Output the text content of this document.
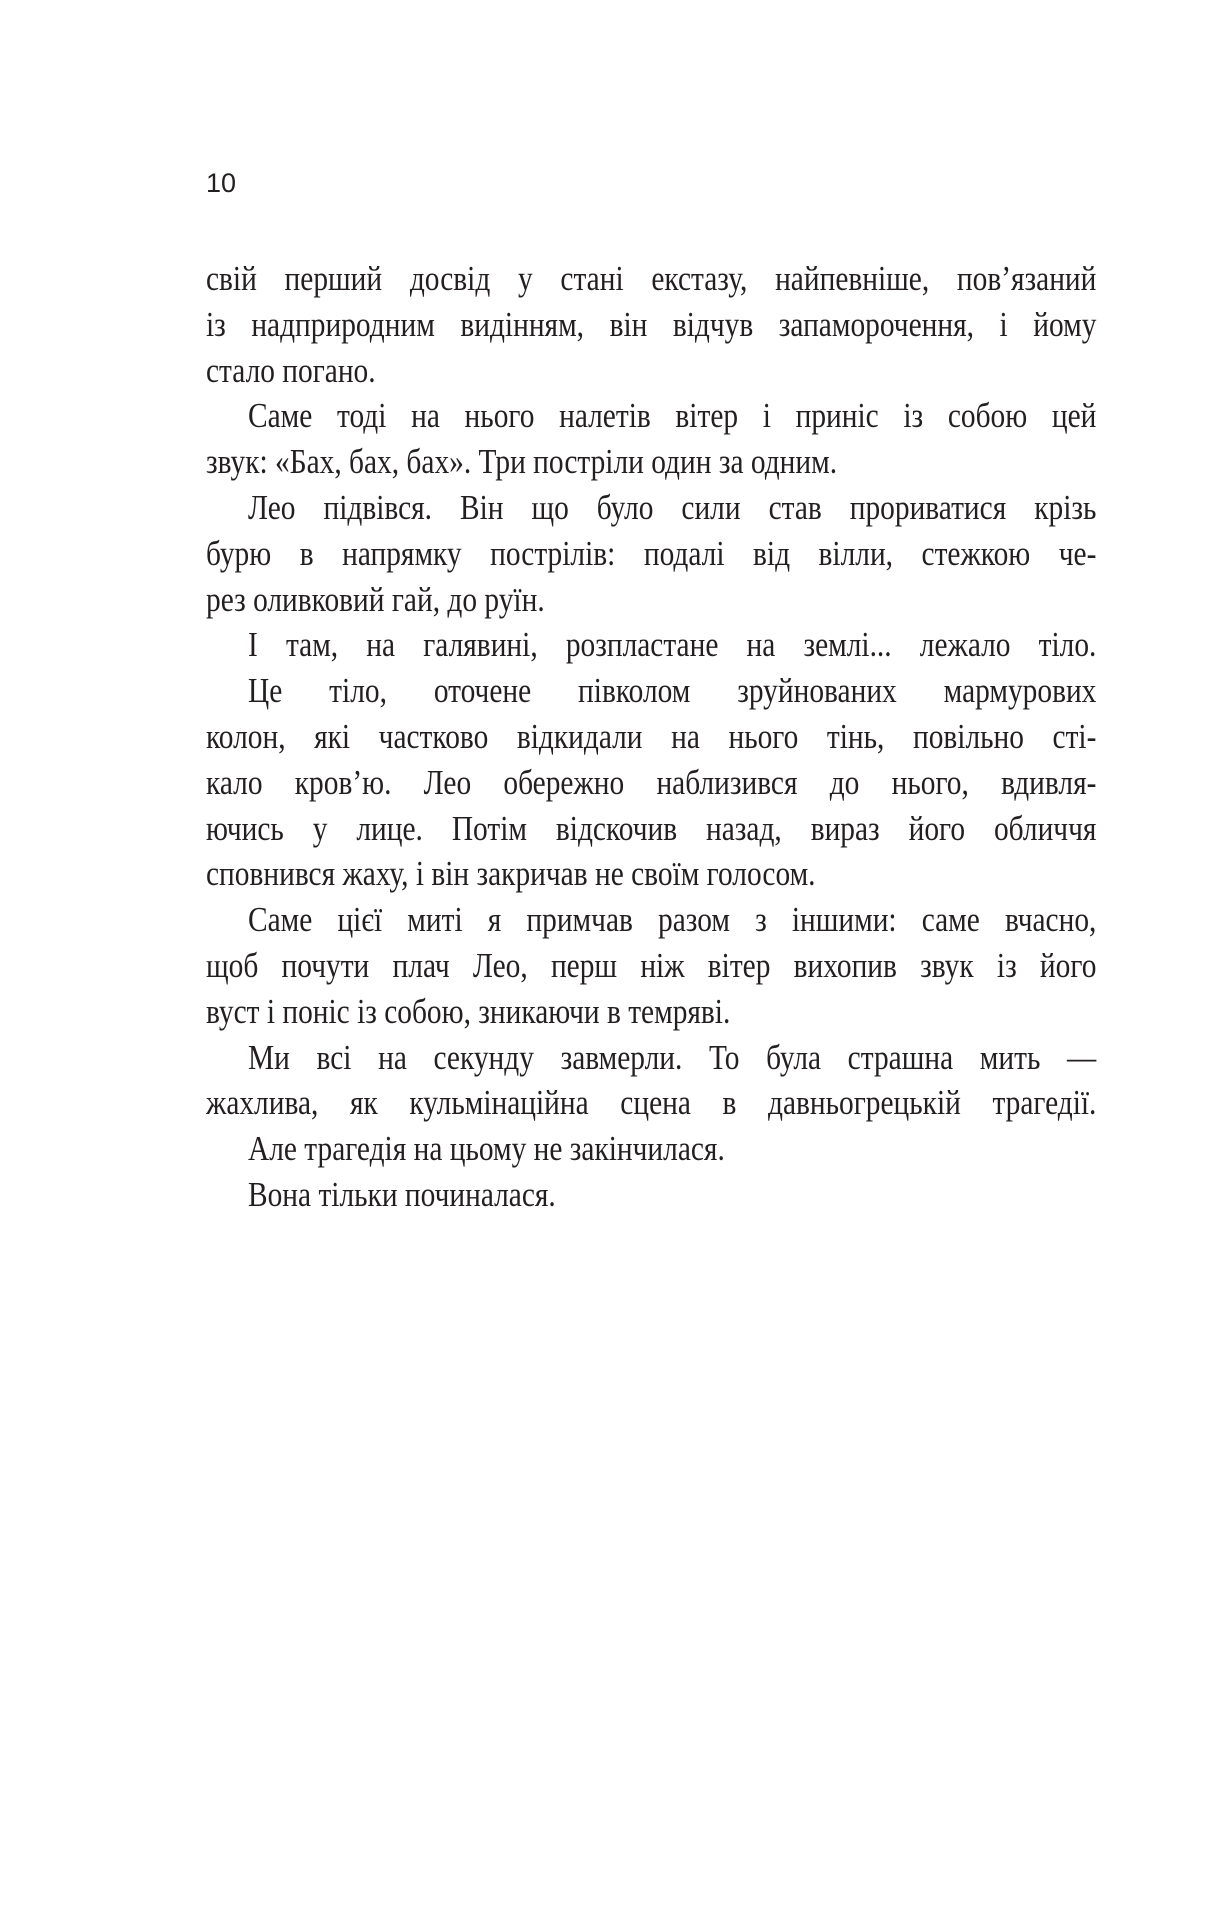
10
свій перший досвід у стані екстазу, найпевніше, пов’язаний
із надприродним видінням, він відчув запаморочення, і йому
стало погано.
Саме тоді на нього налетів вітер і приніс із собою цей
звук: «Бах, бах, бах». Три постріли один за одним.
Лео підвівся. Він що було сили став прориватися крізь
бурю в напрямку пострілів: подалі від вілли, стежкою че-
рез оливковий гай, до руїн.
І там, на галявині, розпластане на землі... лежало тіло.
Це тіло, оточене півколом зруйнованих мармурових
колон, які частково відкидали на нього тінь, повільно сті-
кало кров’ю. Лео обережно наблизився до нього, вдивля-
ючись у лице. Потім відскочив назад, вираз його обличчя
сповнився жаху, і він закричав не своїм голосом.
Саме цієї миті я примчав разом з іншими: саме вчасно,
щоб почути плач Лео, перш ніж вітер вихопив звук із його
вуст і поніс із собою, зникаючи в темряві.
Ми всі на секунду завмерли. То була страшна мить —
жахлива, як кульмінаційна сцена в давньогрецькій трагедії.
Але трагедія на цьому не закінчилася.
Вона тільки починалася.
